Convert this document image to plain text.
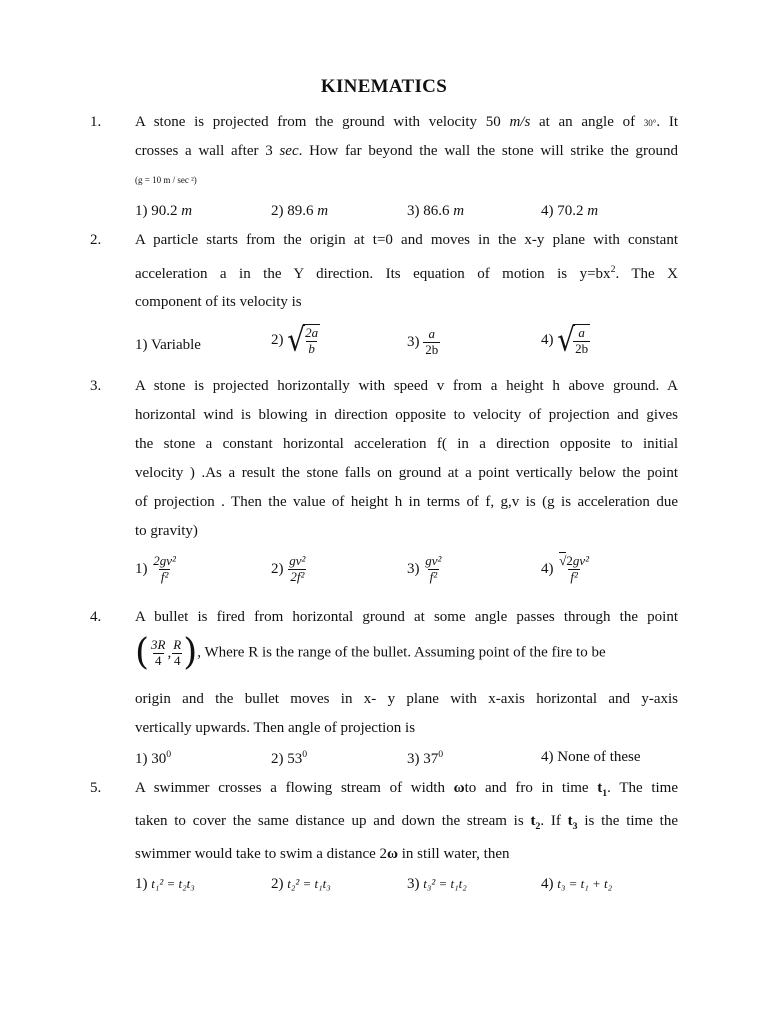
KINEMATICS
1. A stone is projected from the ground with velocity 50 m/s at an angle of 30°. It
crosses a wall after 3 sec. How far beyond the wall the stone will strike the ground
(g = 10 m / sec ²)
1) 90.2 m	2) 89.6 m	3) 86.6 m	4) 70.2 m
2. A particle starts from the origin at t=0 and moves in the x-y plane with constant
acceleration a in the Y direction. Its equation of motion is $y=bx^2$. The X
component of its velocity is
1) Variable	2) √
$\frac{2a}{b}$	$3) \frac{a}{2b}$	4) √
$\frac{a}{2b}$
3. A stone is projected horizontally with speed v from a height h above ground. A
horizontal wind is blowing in direction opposite to velocity of projection and gives
the stone a constant horizontal acceleration f( in a direction opposite to initial
velocity ) .As a result the stone falls on ground at a point vertically below the point
of projection . Then the value of height h in terms of f, g,v is (g is acceleration due
to gravity)
$1) \frac{\text{2gv²}}{\text{f²}}$	$2) \frac{\text{gv²}}{\text{2f²}}$	$3) \frac{\text{gv²}}{\text{f²}}$	$4) \frac{\text{√2gv²}}{\text{f²}}$
4. A bullet is fired from horizontal ground at some angle passes through the point
( $\frac{3R}{4}$ , $\frac{R}{4}$ ) , Where R is the range of the bullet. Assuming point of the fire to be
origin and the bullet moves in x- y plane with x-axis horizontal and y-axis
vertically upwards. Then angle of projection is
1) $30^0$	2) $53^0$	3) $37^0$	4) None of these
5. A swimmer crosses a flowing stream of width ωto and fro in time $t_1$. The time
taken to cover the same distance up and down the stream is $t_2$. If $t_3$ is the time the
swimmer would take to swim a distance 2ω in still water, then
1) t₁² = t₂t₃	2) t₂² = t₁t₃	3) t₃² = t₁t₂	4) t₃ = t₁ + t₂
